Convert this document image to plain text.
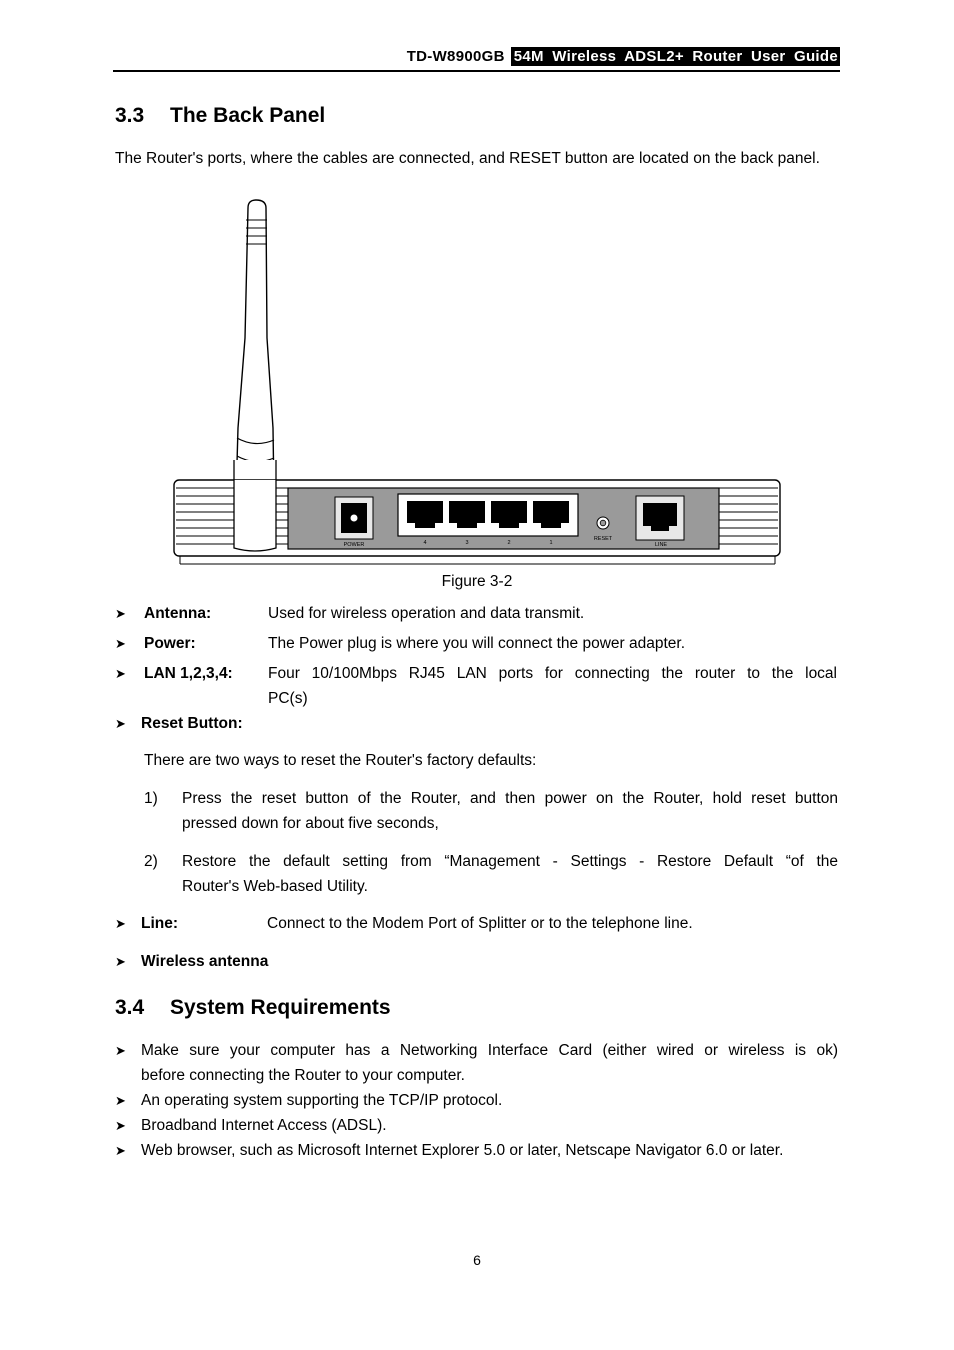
TD-W8900GB 54M Wireless ADSL2+ Router User Guide
3.3 The Back Panel
The Router's ports, where the cables are connected, and RESET button are located on the back panel.
POWER	4	3	2	1
RESET
LINE
Figure 3-2
➤ Antenna:	Used for wireless operation and data transmit.
➤ Power:	The Power plug is where you will connect the power adapter.
➤ LAN 1,2,3,4: Four 10/100Mbps RJ45 LAN ports for connecting the router to the local
PC(s)
➤ Reset Button:
There are two ways to reset the Router's factory defaults:
1) Press the reset button of the Router, and then power on the Router, hold reset button
pressed down for about five seconds,
2) Restore the default setting from “Management - Settings - Restore Default “of the
Router's Web-based Utility.
➤ Line:	Connect to the Modem Port of Splitter or to the telephone line.
➤ Wireless antenna
3.4 System Requirements
➤ Make sure your computer has a Networking Interface Card (either wired or wireless is ok)
before connecting the Router to your computer.
➤ An operating system supporting the TCP/IP protocol.
➤ Broadband Internet Access (ADSL).
➤ Web browser, such as Microsoft Internet Explorer 5.0 or later, Netscape Navigator 6.0 or later.
6
